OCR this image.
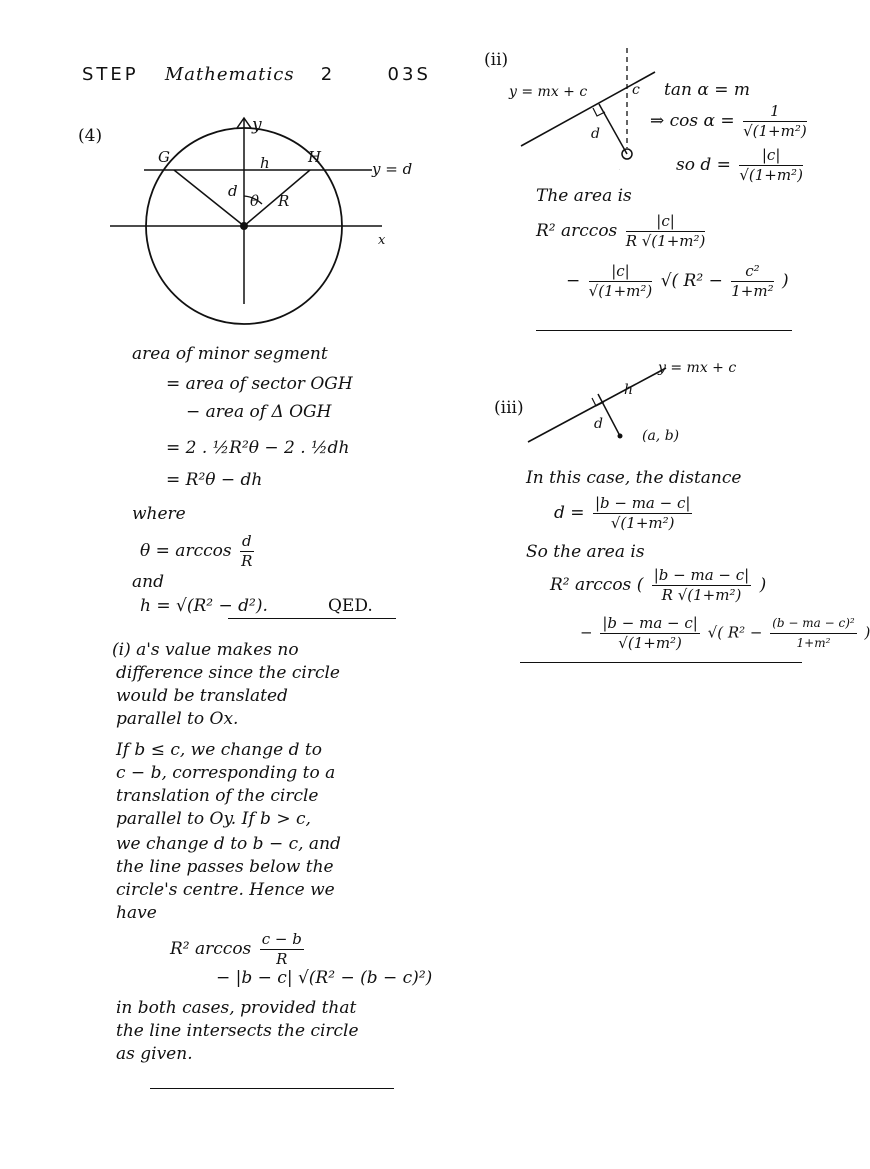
STEP Mathematics 2	03S
(4)
y
x
G	H
h	y = d
d
θ R
area of minor segment
= area of sector OGH
− area of Δ OGH
= 2 . ½R²θ − 2 . ½dh
= R²θ − dh
where
$\theta = \arccos \frac{d}{R}$
and
h = √(R² − d²).	QED.
(i) a's value makes no
difference since the circle
would be translated
parallel to Ox.
If b ≤ c, we change d to
c − b, corresponding to a
translation of the circle
parallel to Oy. If b > c,
we change d to b − c, and
the line passes below the
circle's centre. Hence we
have
R² $\arccos \frac{c - b}{R}$
− |b − c| √(R² − (b − c)²)
in both cases, provided that
the line intersects the circle
as given.
(ii)
y = mx + c	c
d
O
tan α = m
⇒ $\cos \alpha = \frac{1}{\text{√(1+m²)}}$
so $d = \frac{|c|}{\text{√(1+m²)}}$
The area is
R² $\arccos \frac{|c|}{\text{R √(1+m²)}}$
− $\frac{|c|}{\text{√(1+m²)}}$ √( $R^2 - \frac{\text{c²}}{\text{1+m²}}$ )
(iii)
y = mx + c
h
d
(a, b)
In this case, the distance
$d = \frac{|b - ma - c|}{\text{√(1+m²)}}$
So the area is
R² arccos ( $\frac{|b - ma - c|}{\text{R √(1+m²)}}$ )
− $\frac{|b - ma - c|}{\text{√(1+m²)}}$ √( $R^2 - \frac{\text{(b − ma − c)²}}{\text{1+m²}}$ )
